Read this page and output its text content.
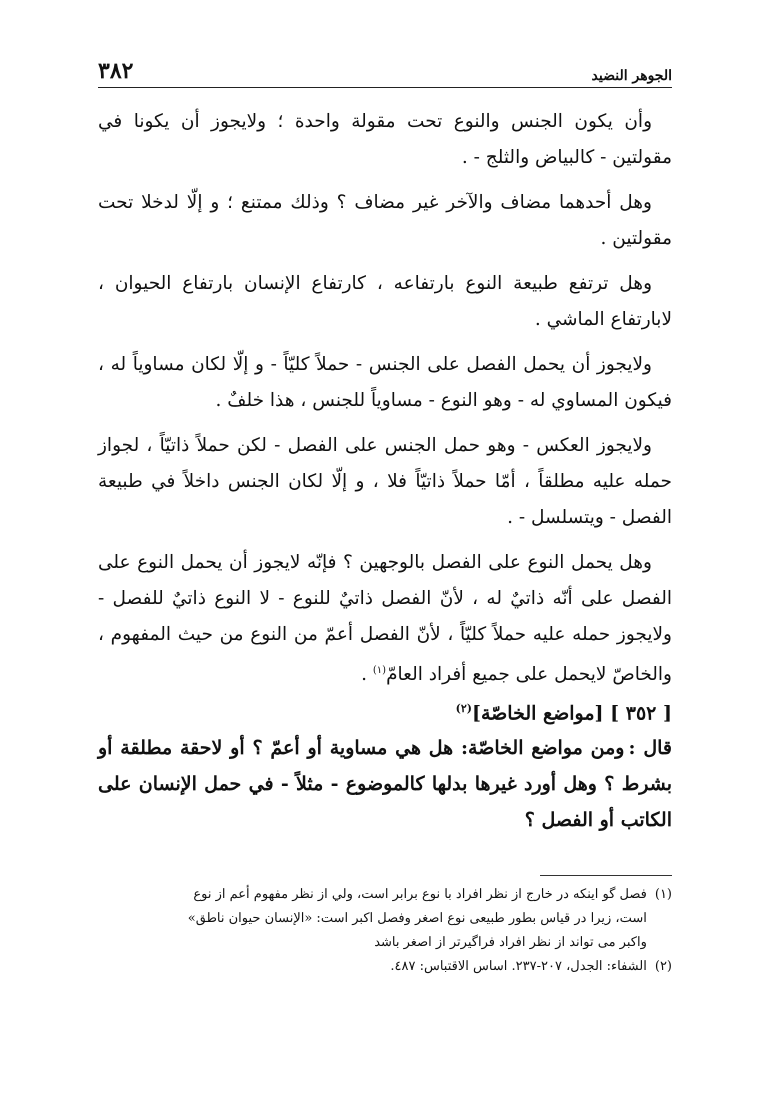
٣٨٢	الجوهر النضيد

وأن يكون الجنس والنوع تحت مقولة واحدة ؛ ولايجوز أن يكونا في مقولتين - كالبياض والثلج - .

وهل أحدهما مضاف والآخر غير مضاف ؟ وذلك ممتنع ؛ و إلّا لدخلا تحت مقولتين .

وهل ترتفع طبيعة النوع بارتفاعه ، كارتفاع الإنسان بارتفاع الحيوان ، لابارتفاع الماشي .

ولايجوز أن يحمل الفصل على الجنس - حملاً كليّاً - و إلّا لكان مساوياً له ، فيكون المساوي له - وهو النوع - مساوياً للجنس ، هذا خلفٌ .

ولايجوز العكس - وهو حمل الجنس على الفصل - لكن حملاً ذاتيّاً ، لجواز حمله عليه مطلقاً ، أمّا حملاً ذاتيّاً فلا ، و إلّا لكان الجنس داخلاً في طبيعة الفصل - ويتسلسل - .

وهل يحمل النوع على الفصل بالوجهين ؟ فإنّه لايجوز أن يحمل النوع على الفصل على أنّه ذاتيٌ له ، لأنّ الفصل ذاتيٌ للنوع - لا النوع ذاتيٌ للفصل - ولايجوز حمله عليه حملاً كليّاً ، لأنّ الفصل أعمّ من النوع من حيث المفهوم ، والخاصّ لايحمل على جميع أفراد العامّ$^{(١)}$ .

[ ٣٥٢ ] [مواضع الخاصّة]$^{(٢)}$

قال :ومن مواضع الخاصّة: هل هي مساوية أو أعمّ ؟ أو لاحقة مطلقة أو بشرط ؟ وهل أورد غيرها بدلها كالموضوع - مثلاً - في حمل الإنسان على الكاتب أو الفصل ؟

(١)
فصل گو اينكه در خارج از نظر افراد با نوع برابر است، ولي از نظر مفهوم أعم از نوع
است، زيرا در قياس بطور طبيعى نوع اصغر وفصل اكبر است: «الإنسان حيوان ناطق»
واكبر مى تواند از نظر افراد فراگيرتر از اصغر باشد
(٢)
الشفاء: الجدل، ٢٠٧-٢٣٧. اساس الاقتباس: ٤٨٧.
